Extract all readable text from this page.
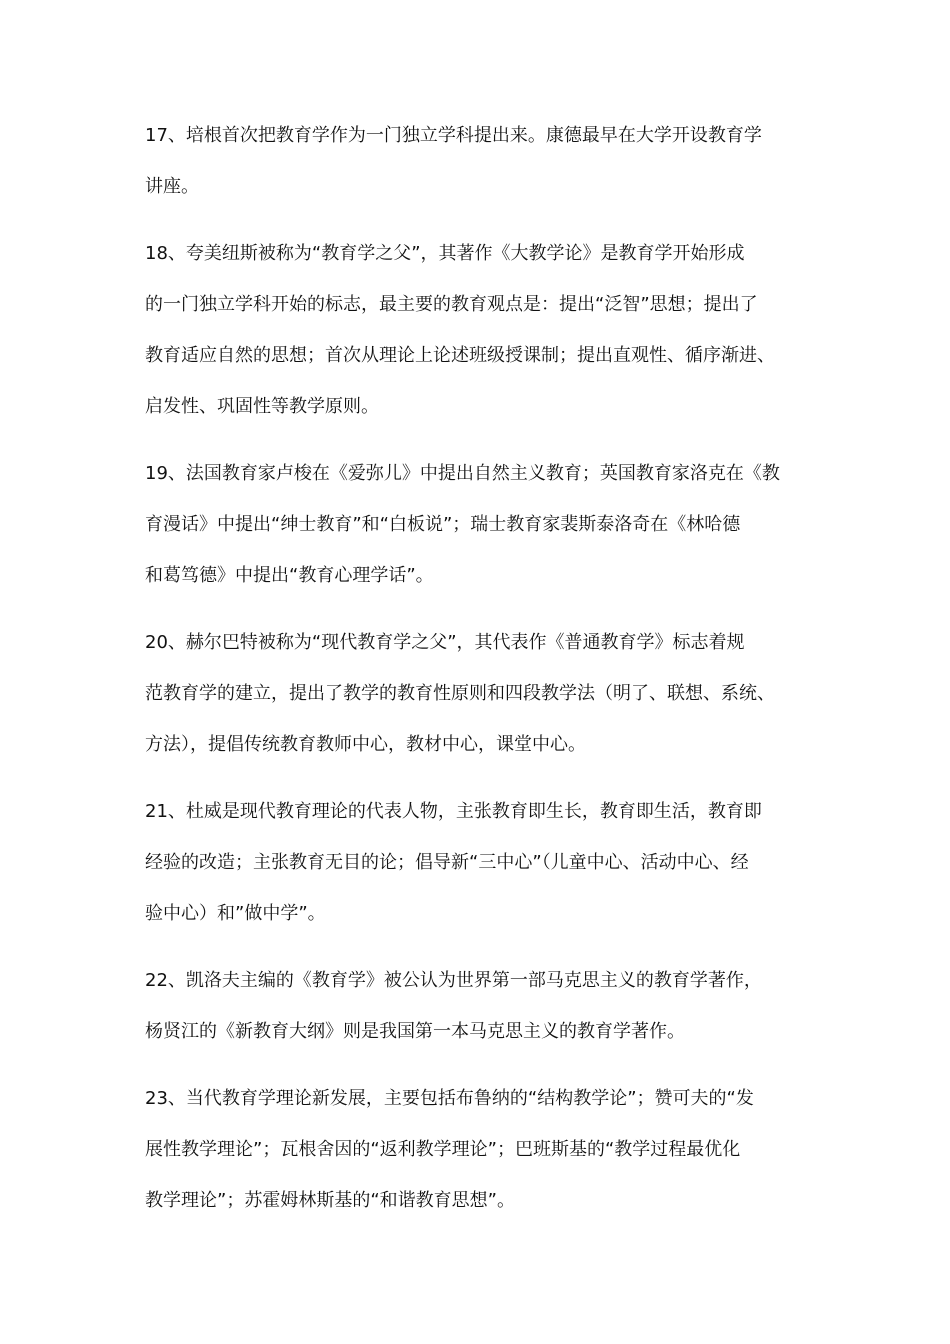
17、培根首次把教育学作为一门独立学科提出来。康德最早在大学开设教育学
讲座。

18、夸美纽斯被称为“教育学之父”，其著作《大教学论》是教育学开始形成
的一门独立学科开始的标志，最主要的教育观点是：提出“泛智”思想；提出了
教育适应自然的思想；首次从理论上论述班级授课制；提出直观性、循序渐进、
启发性、巩固性等教学原则。

19、法国教育家卢梭在《爱弥儿》中提出自然主义教育；英国教育家洛克在《教
育漫话》中提出“绅士教育”和“白板说”；瑞士教育家裴斯泰洛奇在《林哈德
和葛笃德》中提出“教育心理学话”。

20、赫尔巴特被称为“现代教育学之父”，其代表作《普通教育学》标志着规
范教育学的建立，提出了教学的教育性原则和四段教学法（明了、联想、系统、
方法），提倡传统教育教师中心，教材中心，课堂中心。

21、杜威是现代教育理论的代表人物，主张教育即生长，教育即生活，教育即
经验的改造；主张教育无目的论；倡导新“三中心”（儿童中心、活动中心、经
验中心）和”做中学”。

22、凯洛夫主编的《教育学》被公认为世界第一部马克思主义的教育学著作，
杨贤江的《新教育大纲》则是我国第一本马克思主义的教育学著作。

23、当代教育学理论新发展，主要包括布鲁纳的“结构教学论”；赞可夫的“发
展性教学理论”；瓦根舍因的“返利教学理论”；巴班斯基的“教学过程最优化
教学理论”；苏霍姆林斯基的“和谐教育思想”。
